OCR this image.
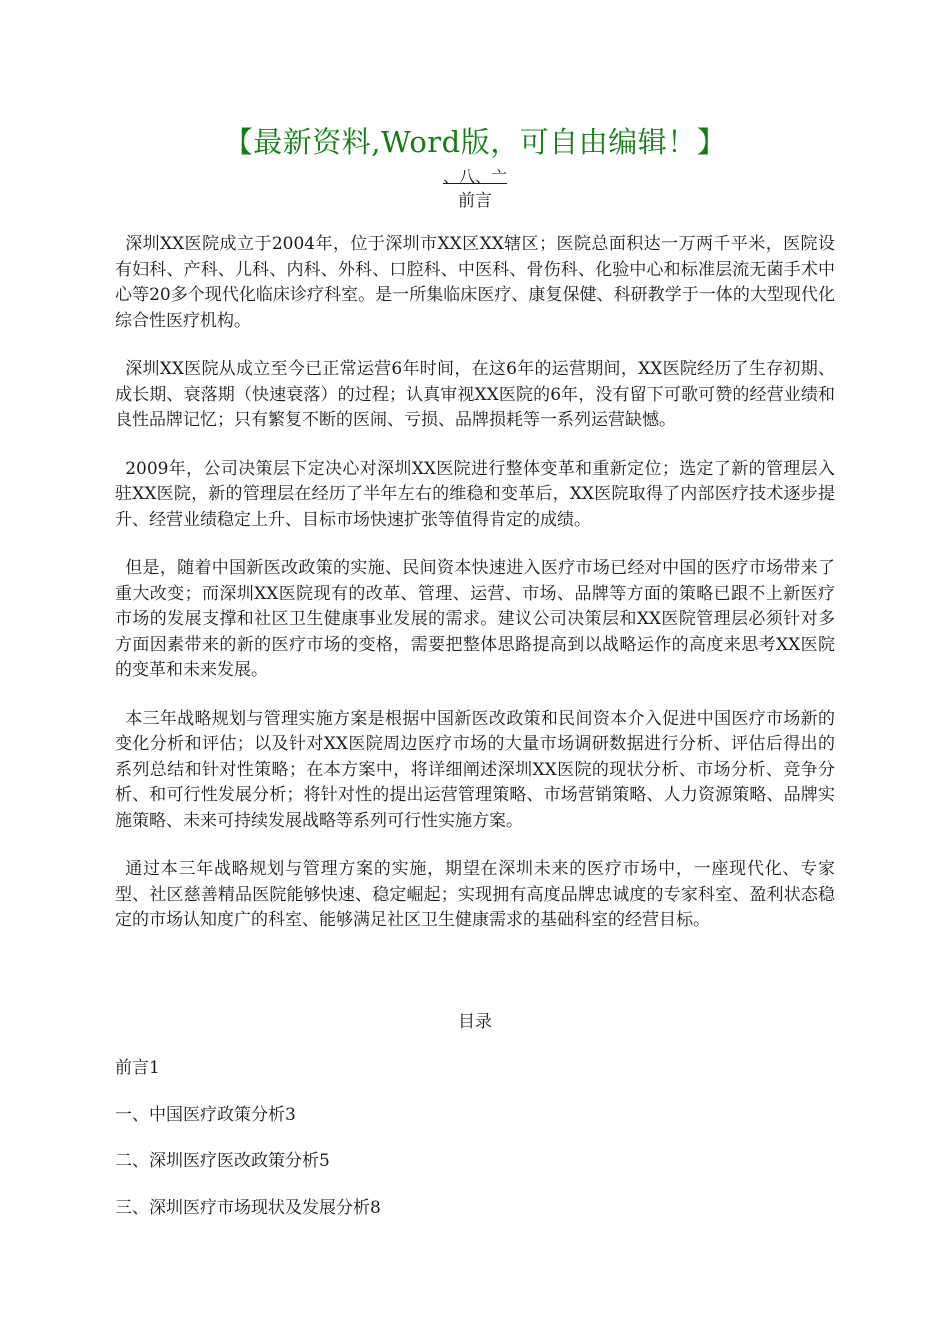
【最新资料,Word版，可自由编辑！】
、八、亠
前言

深圳XX医院成立于2004年，位于深圳市XX区XX辖区；医院总面积达一万两千平米，医院设有妇科、产科、儿科、内科、外科、口腔科、中医科、骨伤科、化验中心和标准层流无菌手术中心等20多个现代化临床诊疗科室。是一所集临床医疗、康复保健、科研教学于一体的大型现代化综合性医疗机构。

深圳XX医院从成立至今已正常运营6年时间，在这6年的运营期间，XX医院经历了生存初期、成长期、衰落期（快速衰落）的过程；认真审视XX医院的6年，没有留下可歌可赞的经营业绩和良性品牌记忆；只有繁复不断的医闹、亏损、品牌损耗等一系列运营缺憾。

2009年，公司决策层下定决心对深圳XX医院进行整体变革和重新定位；选定了新的管理层入驻XX医院，新的管理层在经历了半年左右的维稳和变革后，XX医院取得了内部医疗技术逐步提升、经营业绩稳定上升、目标市场快速扩张等值得肯定的成绩。

但是，随着中国新医改政策的实施、民间资本快速进入医疗市场已经对中国的医疗市场带来了重大改变；而深圳XX医院现有的改革、管理、运营、市场、品牌等方面的策略已跟不上新医疗市场的发展支撑和社区卫生健康事业发展的需求。建议公司决策层和XX医院管理层必须针对多方面因素带来的新的医疗市场的变格，需要把整体思路提高到以战略运作的高度来思考XX医院的变革和未来发展。

本三年战略规划与管理实施方案是根据中国新医改政策和民间资本介入促进中国医疗市场新的变化分析和评估；以及针对XX医院周边医疗市场的大量市场调研数据进行分析、评估后得出的系列总结和针对性策略；在本方案中，将详细阐述深圳XX医院的现状分析、市场分析、竞争分析、和可行性发展分析；将针对性的提出运营管理策略、市场营销策略、人力资源策略、品牌实施策略、未来可持续发展战略等系列可行性实施方案。

通过本三年战略规划与管理方案的实施，期望在深圳未来的医疗市场中，一座现代化、专家型、社区慈善精品医院能够快速、稳定崛起；实现拥有高度品牌忠诚度的专家科室、盈利状态稳定的市场认知度广的科室、能够满足社区卫生健康需求的基础科室的经营目标。

目录
前言1
一、中国医疗政策分析3
二、深圳医疗医改政策分析5
三、深圳医疗市场现状及发展分析8
